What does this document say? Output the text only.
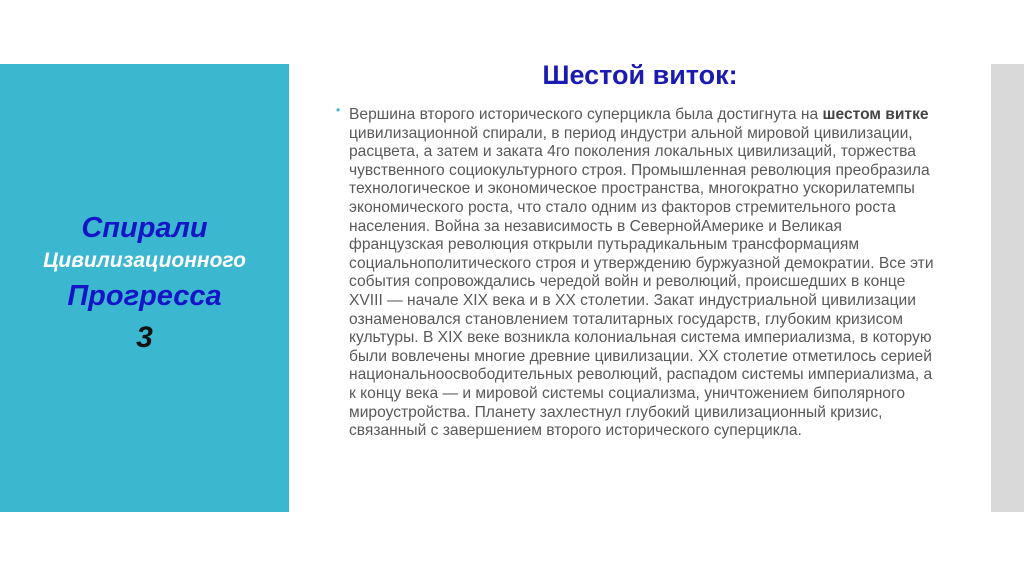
Спирали
Цивилизационного
Прогресса
3
Шестой виток:
• Вершина второго исторического суперцикла была достигнута на шестом витке цивилизационной спирали, в период индустри альной мировой цивилизации, расцвета, а затем и заката 4го поколения локальных цивилизаций, торжества чувственного социокультурного строя. Промышленная революция преобразила технологическое и экономическое пространства, многократно ускорилатемпы экономического роста, что стало одним из факторов стремительного роста населения. Война за независимость в СевернойАмерике и Великая французская революция открыли путьрадикальным трансформациям социальнополитического строя и утверждению буржуазной демократии. Все эти события сопровождались чередой войн и революций, происшедших в конце XVIII — начале XIX века и в XX столетии. Закат индустриальной цивилизации ознаменовался становлением тоталитарных государств, глубоким кризисом культуры. В XIX веке возникла колониальная система империализма, в которую были вовлечены многие древние цивилизации. XX столетие отметилось серией национальноосвободительных революций, распадом системы империализма, а к концу века — и мировой системы социализма, уничтожением биполярного мироустройства. Планету захлестнул глубокий цивилизационный кризис, связанный с завершением второго исторического суперцикла.
